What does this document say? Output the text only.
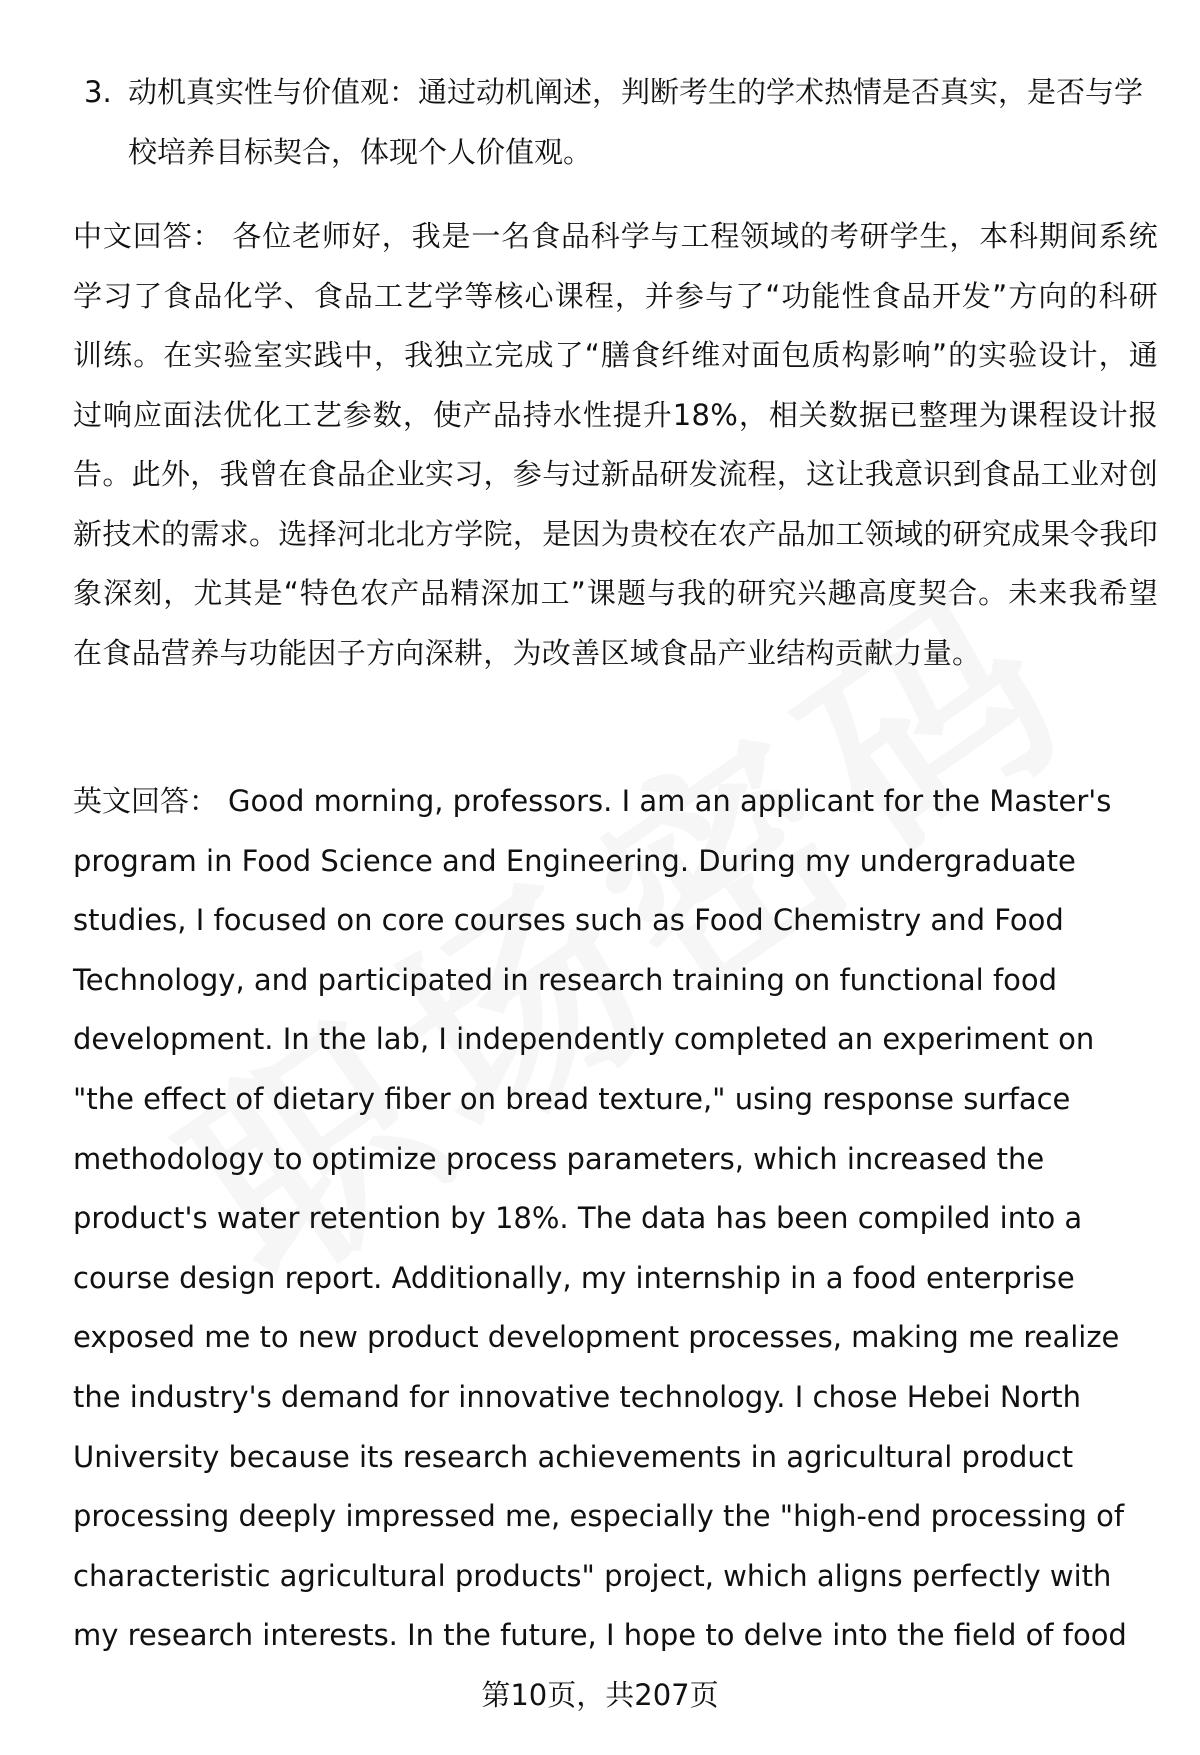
3. 动机真实性与价值观：通过动机阐述，判断考生的学术热情是否真实，是否与学校培养目标契合，体现个人价值观。

中文回答： 各位老师好，我是一名食品科学与工程领域的考研学生，本科期间系统学习了食品化学、食品工艺学等核心课程，并参与了“功能性食品开发”方向的科研训练。在实验室实践中，我独立完成了“膳食纤维对面包质构影响”的实验设计，通过响应面法优化工艺参数，使产品持水性提升18%，相关数据已整理为课程设计报告。此外，我曾在食品企业实习，参与过新品研发流程，这让我意识到食品工业对创新技术的需求。选择河北北方学院，是因为贵校在农产品加工领域的研究成果令我印象深刻，尤其是“特色农产品精深加工”课题与我的研究兴趣高度契合。未来我希望在食品营养与功能因子方向深耕，为改善区域食品产业结构贡献力量。

英文回答： Good morning, professors. I am an applicant for the Master's program in Food Science and Engineering. During my undergraduate studies, I focused on core courses such as Food Chemistry and Food Technology, and participated in research training on functional food development. In the lab, I independently completed an experiment on "the effect of dietary fiber on bread texture," using response surface methodology to optimize process parameters, which increased the product's water retention by 18%. The data has been compiled into a course design report. Additionally, my internship in a food enterprise exposed me to new product development processes, making me realize the industry's demand for innovative technology. I chose Hebei North University because its research achievements in agricultural product processing deeply impressed me, especially the "high-end processing of characteristic agricultural products" project, which aligns perfectly with my research interests. In the future, I hope to delve into the field of food

第10页，共207页
